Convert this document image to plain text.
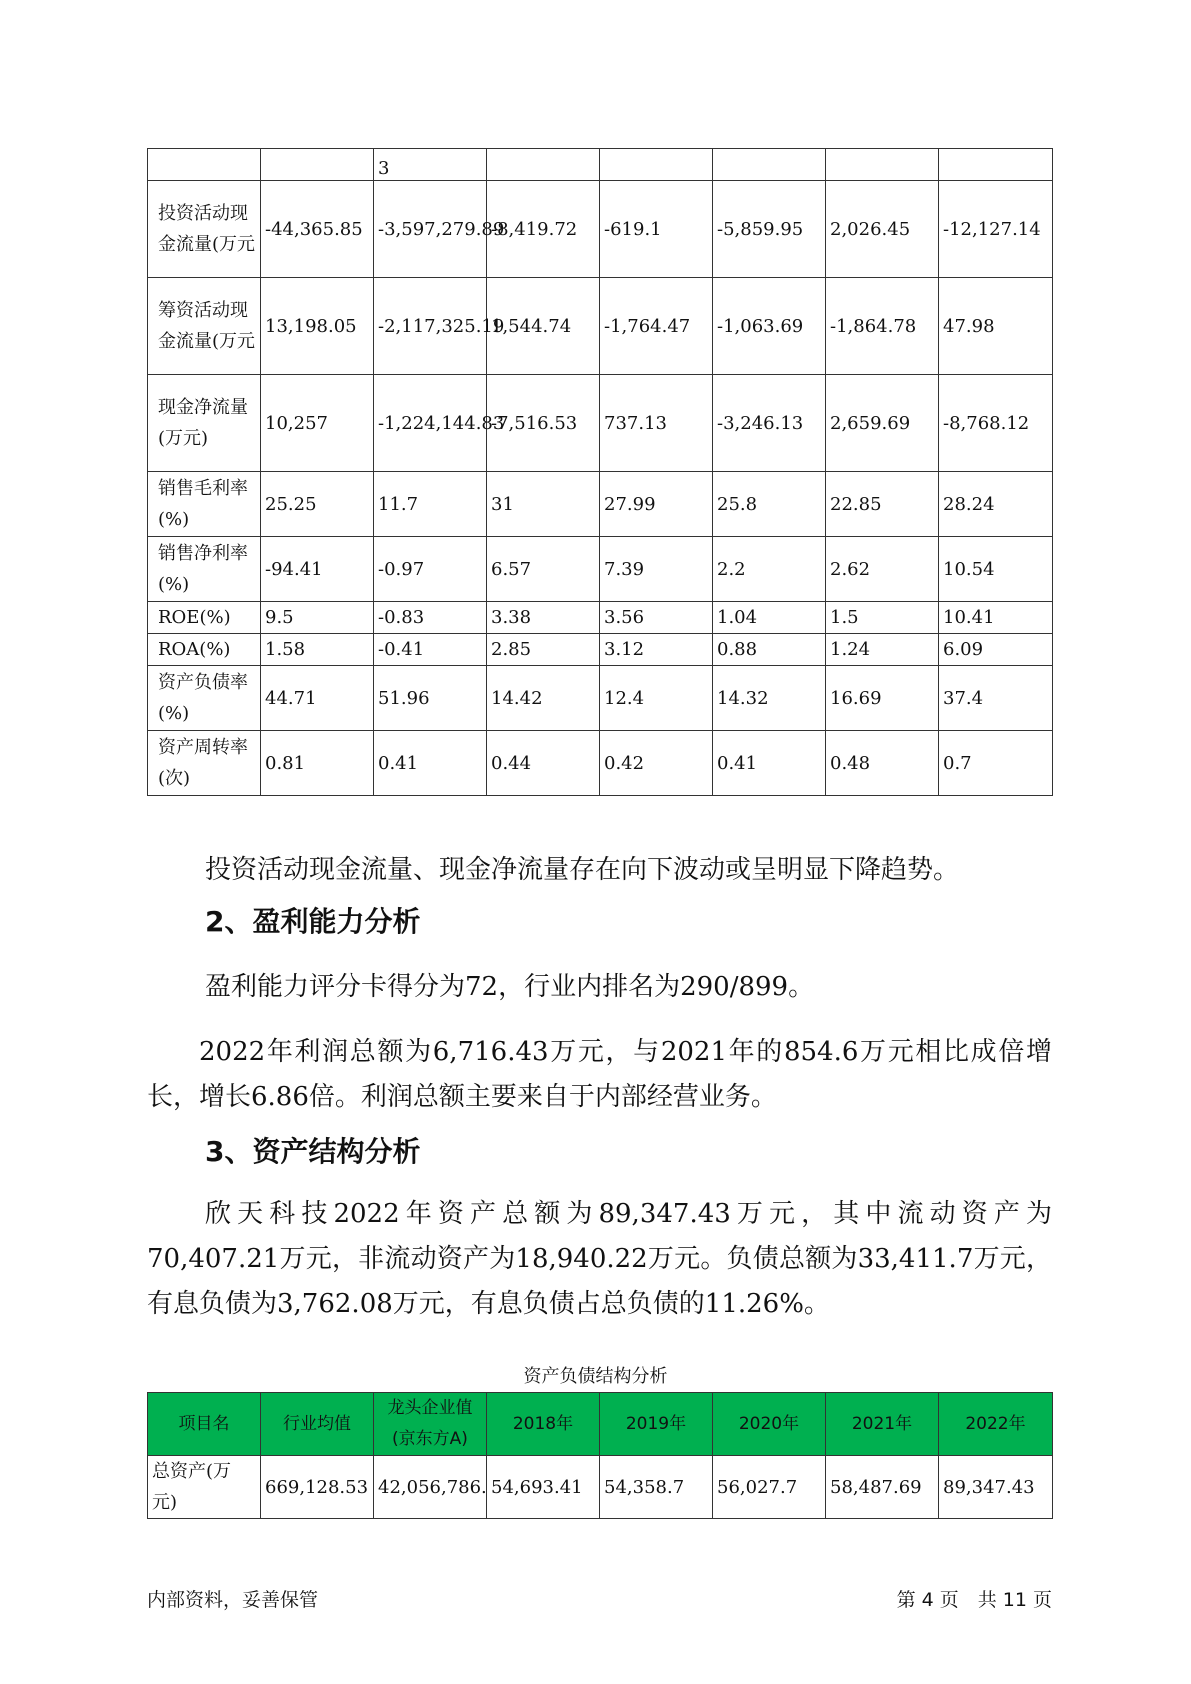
		3					
投资活动现金流量(万元	-44,365.85	-3,597,279.89	-8,419.72	-619.1	-5,859.95	2,026.45	-12,127.14
筹资活动现金流量(万元	13,198.05	-2,117,325.19	1,544.74	-1,764.47	-1,063.69	-1,864.78	47.98
现金净流量(万元)	10,257	-1,224,144.83	-7,516.53	737.13	-3,246.13	2,659.69	-8,768.12
销售毛利率(%)	25.25	11.7	31	27.99	25.8	22.85	28.24
销售净利率(%)	-94.41	-0.97	6.57	7.39	2.2	2.62	10.54
ROE(%)	9.5	-0.83	3.38	3.56	1.04	1.5	10.41
ROA(%)	1.58	-0.41	2.85	3.12	0.88	1.24	6.09
资产负债率(%)	44.71	51.96	14.42	12.4	14.32	16.69	37.4
资产周转率(次)	0.81	0.41	0.44	0.42	0.41	0.48	0.7

投资活动现金流量、现金净流量存在向下波动或呈明显下降趋势。

2、盈利能力分析

盈利能力评分卡得分为72，行业内排名为290/899。

2022年利润总额为6,716.43万元，与2021年的854.6万元相比成倍增长，增长6.86倍。利润总额主要来自于内部经营业务。

3、资产结构分析

欣天科技2022年资产总额为89,347.43万元，其中流动资产为70,407.21万元，非流动资产为18,940.22万元。负债总额为33,411.7万元，有息负债为3,762.08万元，有息负债占总负债的11.26%。

资产负债结构分析
项目名	行业均值	龙头企业值(京东方A)	2018年	2019年	2020年	2021年	2022年
总资产(万元)	669,128.53	42,056,786.	54,693.41	54,358.7	56,027.7	58,487.69	89,347.43
内部资料，妥善保管	第 4 页　共 11 页
